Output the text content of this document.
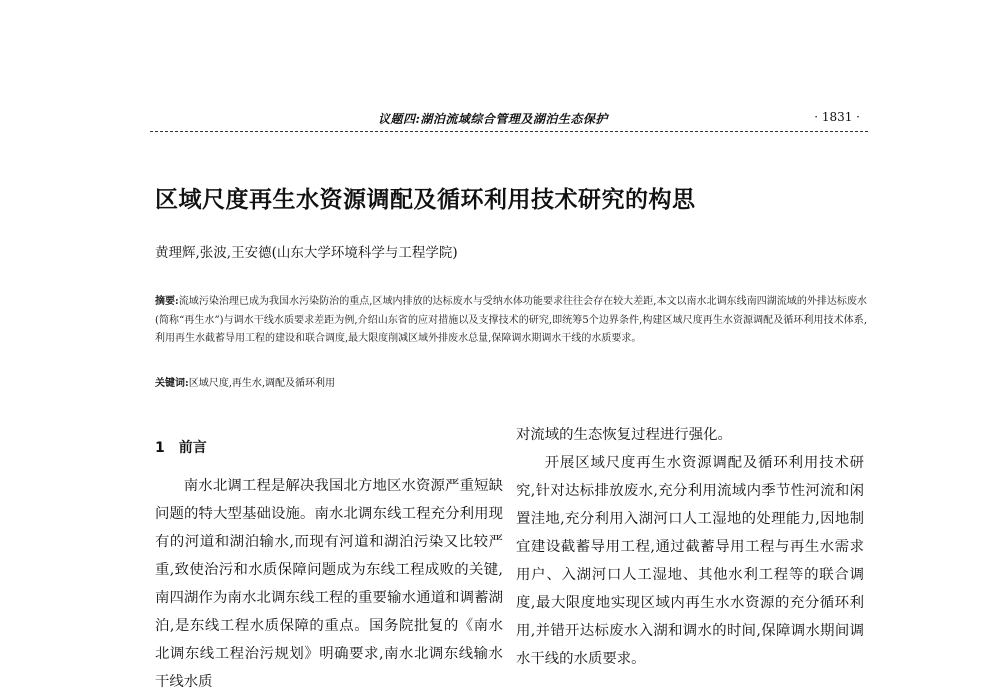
议题四:湖泊流域综合管理及湖泊生态保护	· 1831 ·
区域尺度再生水资源调配及循环利用技术研究的构思
黄理辉,张波,王安德(山东大学环境科学与工程学院)
摘要:流域污染治理已成为我国水污染防治的重点,区域内排放的达标废水与受纳水体功能要求往往会存在较大差距,本文以南水北调东线南四湖流域的外排达标废水(简称“再生水”)与调水干线水质要求差距为例,介绍山东省的应对措施以及支撑技术的研究,即统筹5个边界条件,构建区域尺度再生水资源调配及循环利用技术体系,利用再生水截蓄导用工程的建设和联合调度,最大限度削减区域外排废水总量,保障调水期调水干线的水质要求。
关键词:区域尺度,再生水,调配及循环利用
1 前言

南水北调工程是解决我国北方地区水资源严重短缺问题的特大型基础设施。南水北调东线工程充分利用现有的河道和湖泊输水,而现有河道和湖泊污染又比较严重,致使治污和水质保障问题成为东线工程成败的关键,南四湖作为南水北调东线工程的重要输水通道和调蓄湖泊,是东线工程水质保障的重点。国务院批复的《南水北调东线工程治污规划》明确要求,南水北调东线输水干线水质

对流域的生态恢复过程进行强化。

开展区域尺度再生水资源调配及循环利用技术研究,针对达标排放废水,充分利用流域内季节性河流和闲置洼地,充分利用入湖河口人工湿地的处理能力,因地制宜建设截蓄导用工程,通过截蓄导用工程与再生水需求用户、入湖河口人工湿地、其他水利工程等的联合调度,最大限度地实现区域内再生水水资源的充分循环利用,并错开达标废水入湖和调水的时间,保障调水期间调水干线的水质要求。
